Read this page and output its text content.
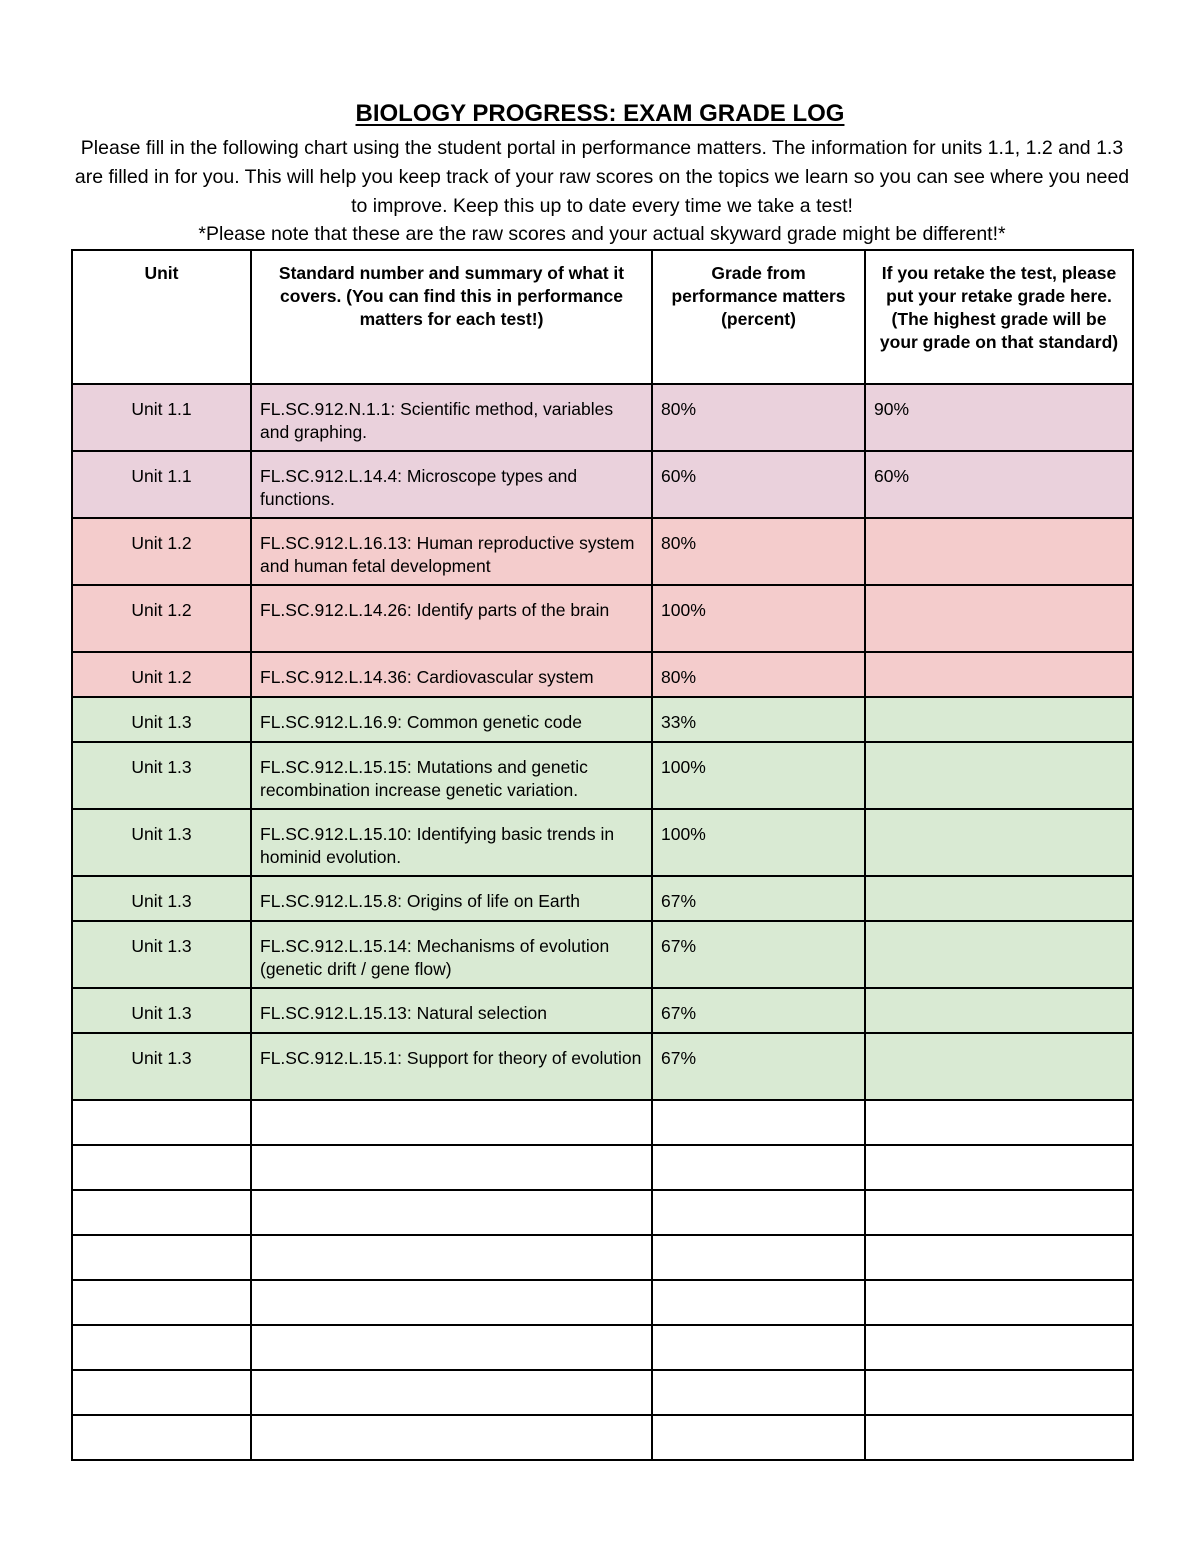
BIOLOGY PROGRESS: EXAM GRADE LOG
Please fill in the following chart using the student portal in performance matters. The information for units 1.1, 1.2 and 1.3 are filled in for you. This will help you keep track of your raw scores on the topics we learn so you can see where you need to improve. Keep this up to date every time we take a test!
*Please note that these are the raw scores and your actual skyward grade might be different!*
Unit	Standard number and summary of what it covers. (You can find this in performance matters for each test!)	Grade from performance matters (percent)	If you retake the test, please put your retake grade here. (The highest grade will be your grade on that standard)
Unit 1.1	FL.SC.912.N.1.1: Scientific method, variables and graphing.	80%	90%
Unit 1.1	FL.SC.912.L.14.4: Microscope types and functions.	60%	60%
Unit 1.2	FL.SC.912.L.16.13: Human reproductive system and human fetal development	80%	
Unit 1.2	FL.SC.912.L.14.26: Identify parts of the brain	100%	
Unit 1.2	FL.SC.912.L.14.36: Cardiovascular system	80%	
Unit 1.3	FL.SC.912.L.16.9: Common genetic code	33%	
Unit 1.3	FL.SC.912.L.15.15: Mutations and genetic recombination increase genetic variation.	100%	
Unit 1.3	FL.SC.912.L.15.10: Identifying basic trends in hominid evolution.	100%	
Unit 1.3	FL.SC.912.L.15.8: Origins of life on Earth	67%	
Unit 1.3	FL.SC.912.L.15.14: Mechanisms of evolution (genetic drift / gene flow)	67%	
Unit 1.3	FL.SC.912.L.15.13: Natural selection	67%	
Unit 1.3	FL.SC.912.L.15.1: Support for theory of evolution	67%	
